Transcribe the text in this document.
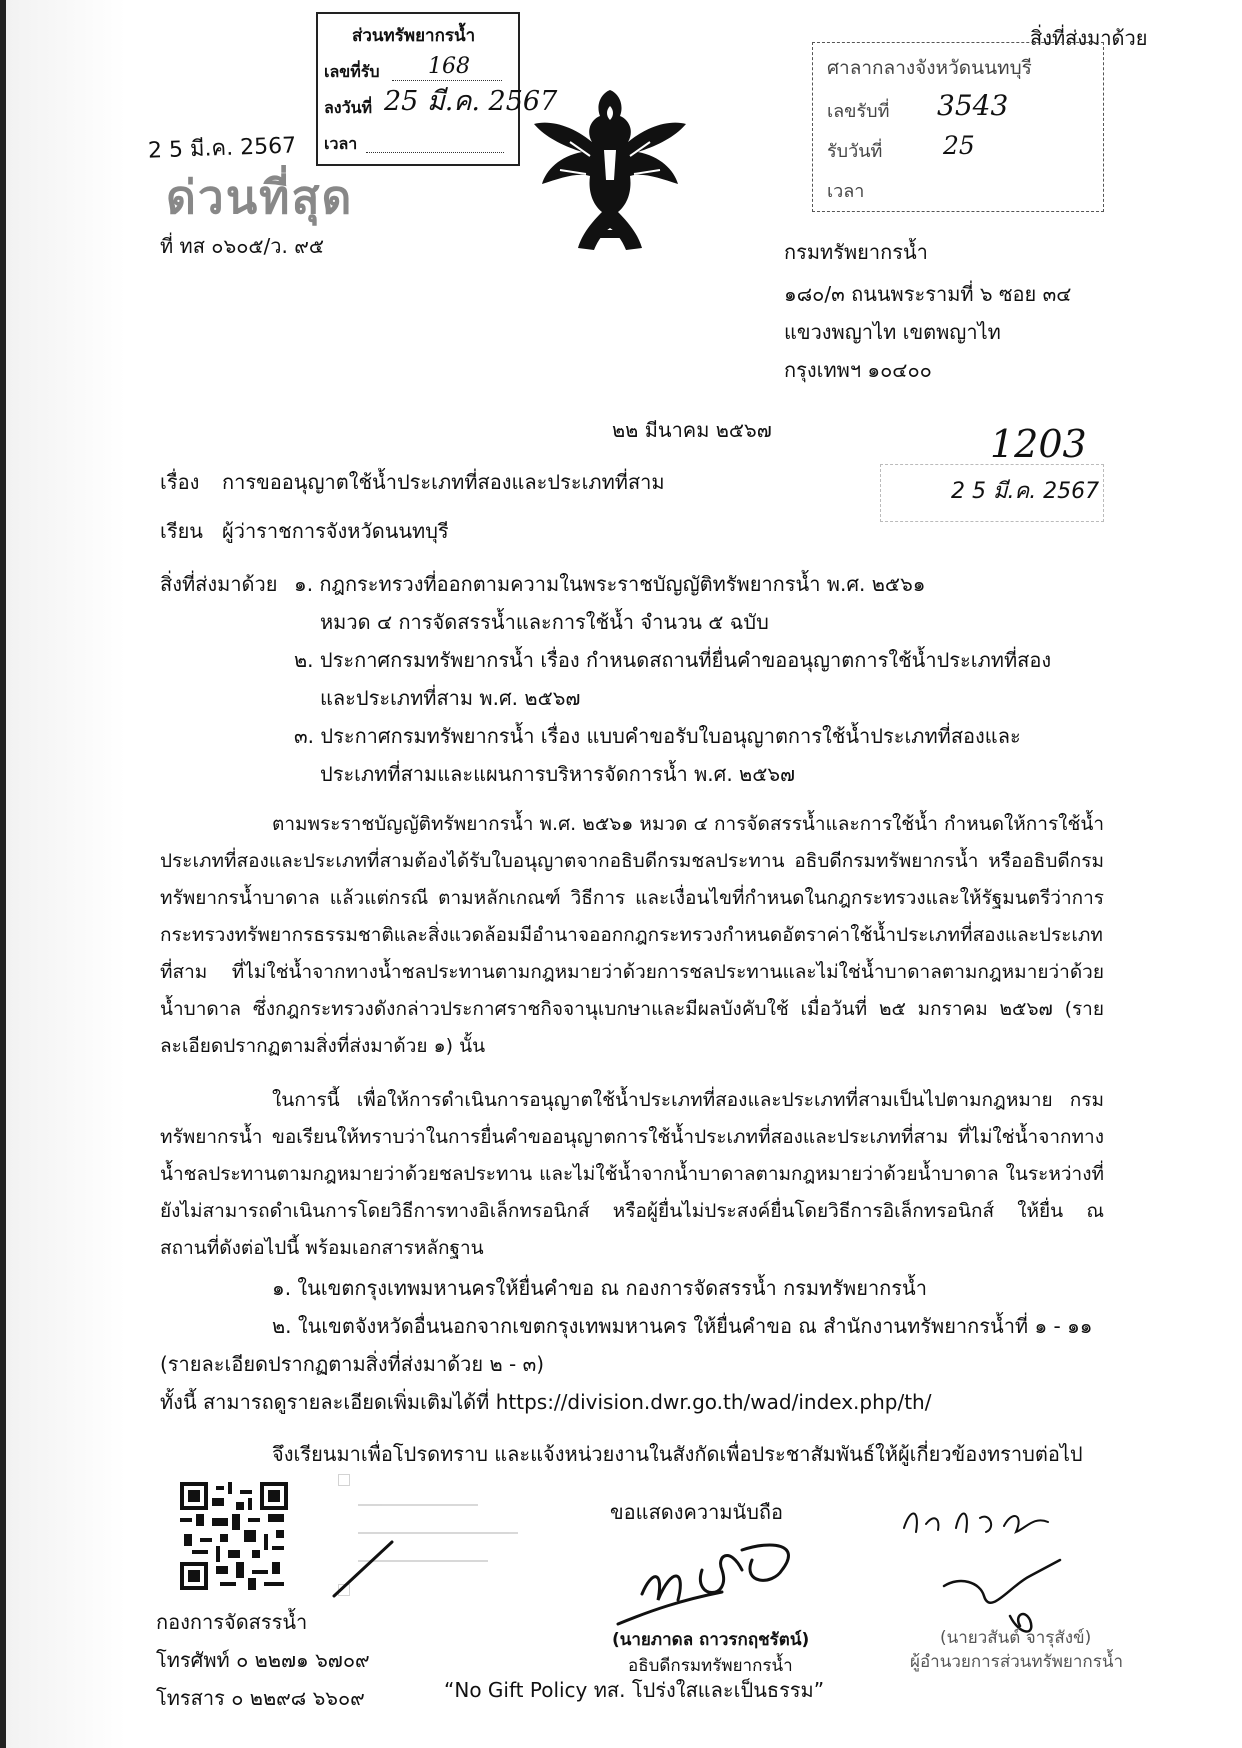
สิ่งที่ส่งมาด้วย
ส่วนทรัพยากรน้ำ
เลขที่รับ 168
ลงวันที่ 25 มี.ค. 2567
เวลา
ศาลากลางจังหวัดนนทบุรี
เลขรับที่ 3543
รับวันที่ 25
เวลา
2 5 มี.ค. 2567
ด่วนที่สุด
ที่ ทส ๐๖๐๕/ว. ๙๕	กรมทรัพยากรน้ำ
๑๘๐/๓ ถนนพระรามที่ ๖ ซอย ๓๔
แขวงพญาไท เขตพญาไท
กรุงเทพฯ ๑๐๔๐๐
๒๒ มีนาคม ๒๕๖๗	1203
2 5 มี.ค. 2567
เรื่อง การขออนุญาตใช้น้ำประเภทที่สองและประเภทที่สาม
เรียน ผู้ว่าราชการจังหวัดนนทบุรี
สิ่งที่ส่งมาด้วย ๑. กฎกระทรวงที่ออกตามความในพระราชบัญญัติทรัพยากรน้ำ พ.ศ. ๒๕๖๑
หมวด ๔ การจัดสรรน้ำและการใช้น้ำ จำนวน ๕ ฉบับ
๒. ประกาศกรมทรัพยากรน้ำ เรื่อง กำหนดสถานที่ยื่นคำขออนุญาตการใช้น้ำประเภทที่สอง
และประเภทที่สาม พ.ศ. ๒๕๖๗
๓. ประกาศกรมทรัพยากรน้ำ เรื่อง แบบคำขอรับใบอนุญาตการใช้น้ำประเภทที่สองและ
ประเภทที่สามและแผนการบริหารจัดการน้ำ พ.ศ. ๒๕๖๗
ตามพระราชบัญญัติทรัพยากรน้ำ พ.ศ. ๒๕๖๑ หมวด ๔ การจัดสรรน้ำและการใช้น้ำ กำหนดให้การใช้น้ำประเภทที่สองและประเภทที่สามต้องได้รับใบอนุญาตจากอธิบดีกรมชลประทาน อธิบดีกรมทรัพยากรน้ำ หรืออธิบดีกรมทรัพยากรน้ำบาดาล แล้วแต่กรณี ตามหลักเกณฑ์ วิธีการ และเงื่อนไขที่กำหนดในกฎกระทรวงและให้รัฐมนตรีว่าการกระทรวงทรัพยากรธรรมชาติและสิ่งแวดล้อมมีอำนาจออกกฎกระทรวงกำหนดอัตราค่าใช้น้ำประเภทที่สองและประเภทที่สาม ที่ไม่ใช่น้ำจากทางน้ำชลประทานตามกฎหมายว่าด้วยการชลประทานและไม่ใช่น้ำบาดาลตามกฎหมายว่าด้วยน้ำบาดาล ซึ่งกฎกระทรวงดังกล่าวประกาศราชกิจจานุเบกษาและมีผลบังคับใช้ เมื่อวันที่ ๒๕ มกราคม ๒๕๖๗ (รายละเอียดปรากฏตามสิ่งที่ส่งมาด้วย ๑) นั้น
ในการนี้ เพื่อให้การดำเนินการอนุญาตใช้น้ำประเภทที่สองและประเภทที่สามเป็นไปตามกฎหมาย กรมทรัพยากรน้ำ ขอเรียนให้ทราบว่าในการยื่นคำขออนุญาตการใช้น้ำประเภทที่สองและประเภทที่สาม ที่ไม่ใช่น้ำจากทางน้ำชลประทานตามกฎหมายว่าด้วยชลประทาน และไม่ใช้น้ำจากน้ำบาดาลตามกฎหมายว่าด้วยน้ำบาดาล ในระหว่างที่ยังไม่สามารถดำเนินการโดยวิธีการทางอิเล็กทรอนิกส์ หรือผู้ยื่นไม่ประสงค์ยื่นโดยวิธีการอิเล็กทรอนิกส์ ให้ยื่น ณ สถานที่ดังต่อไปนี้ พร้อมเอกสารหลักฐาน
๑. ในเขตกรุงเทพมหานครให้ยื่นคำขอ ณ กองการจัดสรรน้ำ กรมทรัพยากรน้ำ
๒. ในเขตจังหวัดอื่นนอกจากเขตกรุงเทพมหานคร ให้ยื่นคำขอ ณ สำนักงานทรัพยากรน้ำที่ ๑ - ๑๑
(รายละเอียดปรากฏตามสิ่งที่ส่งมาด้วย ๒ - ๓)
ทั้งนี้ สามารถดูรายละเอียดเพิ่มเติมได้ที่ https://division.dwr.go.th/wad/index.php/th/
จึงเรียนมาเพื่อโปรดทราบ และแจ้งหน่วยงานในสังกัดเพื่อประชาสัมพันธ์ให้ผู้เกี่ยวข้องทราบต่อไป
ขอแสดงความนับถือ
(นายภาดล ถาวรกฤชรัตน์)
อธิบดีกรมทรัพยากรน้ำ
(นายวสันต์ จารุสังข์)
ผู้อำนวยการส่วนทรัพยากรน้ำ
กองการจัดสรรน้ำ
โทรศัพท์ ๐ ๒๒๗๑ ๖๗๐๙
โทรสาร ๐ ๒๒๙๘ ๖๖๐๙	“No Gift Policy ทส. โปร่งใสและเป็นธรรม”
